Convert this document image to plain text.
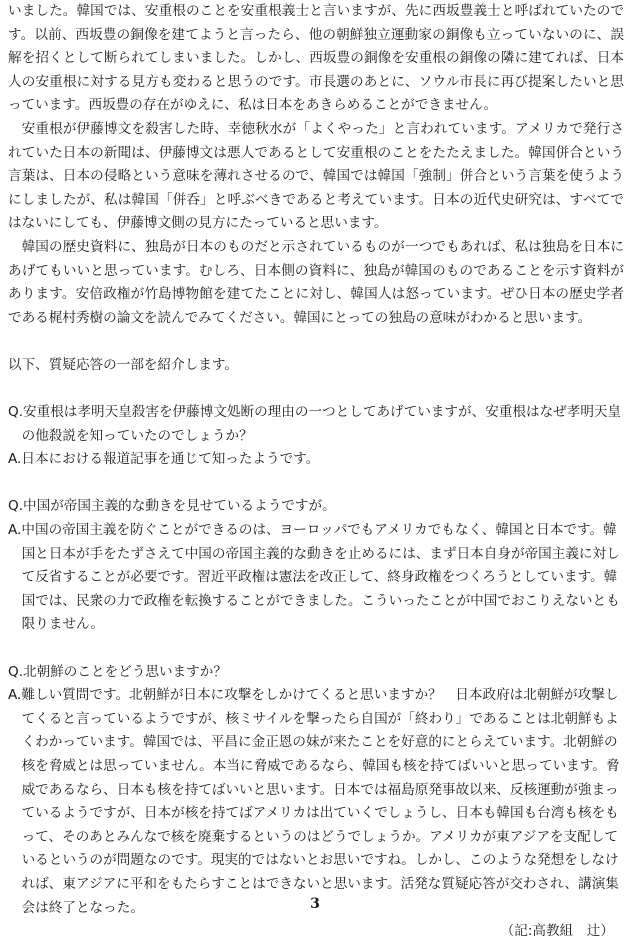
いました。韓国では、安重根のことを安重根義士と言いますが、先に西坂豊義士と呼ばれていたのです。以前、西坂豊の銅像を建てようと言ったら、他の朝鮮独立運動家の銅像も立っていないのに、誤解を招くとして断られてしまいました。しかし、西坂豊の銅像を安重根の銅像の隣に建てれば、日本人の安重根に対する見方も変わると思うのです。市長選のあとに、ソウル市長に再び提案したいと思っています。西坂豊の存在がゆえに、私は日本をあきらめることができません。

安重根が伊藤博文を殺害した時、幸徳秋水が「よくやった」と言われています。アメリカで発行されていた日本の新聞は、伊藤博文は悪人であるとして安重根のことをたたえました。韓国併合という言葉は、日本の侵略という意味を薄れさせるので、韓国では韓国「強制」併合という言葉を使うようにしましたが、私は韓国「併呑」と呼ぶべきであると考えています。日本の近代史研究は、すべてではないにしても、伊藤博文側の見方にたっていると思います。

韓国の歴史資料に、独島が日本のものだと示されているものが一つでもあれば、私は独島を日本にあげてもいいと思っています。むしろ、日本側の資料に、独島が韓国のものであることを示す資料があります。安倍政権が竹島博物館を建てたことに対し、韓国人は怒っています。ぜひ日本の歴史学者である梶村秀樹の論文を読んでみてください。韓国にとっての独島の意味がわかると思います。

以下、質疑応答の一部を紹介します。

Q.安重根は孝明天皇殺害を伊藤博文処断の理由の一つとしてあげていますが、安重根はなぜ孝明天皇の他殺説を知っていたのでしょうか？

A.日本における報道記事を通じて知ったようです。

Q.中国が帝国主義的な動きを見せているようですが。

A.中国の帝国主義を防ぐことができるのは、ヨーロッパでもアメリカでもなく、韓国と日本です。韓国と日本が手をたずさえて中国の帝国主義的な動きを止めるには、まず日本自身が帝国主義に対して反省することが必要です。習近平政権は憲法を改正して、終身政権をつくろうとしています。韓国では、民衆の力で政権を転換することができました。こういったことが中国でおこりえないとも限りません。

Q.北朝鮮のことをどう思いますか？

A.難しい質問です。北朝鮮が日本に攻撃をしかけてくると思いますか？　日本政府は北朝鮮が攻撃してくると言っているようですが、核ミサイルを撃ったら自国が「終わり」であることは北朝鮮もよくわかっています。韓国では、平昌に金正恩の妹が来たことを好意的にとらえています。北朝鮮の核を脅威とは思っていません。本当に脅威であるなら、韓国も核を持てばいいと思っています。脅威であるなら、日本も核を持てばいいと思います。日本では福島原発事故以来、反核運動が強まっているようですが、日本が核を持てばアメリカは出ていくでしょうし、日本も韓国も台湾も核をもって、そのあとみんなで核を廃棄するというのはどうでしょうか。アメリカが東アジアを支配しているというのが問題なのです。現実的ではないとお思いですね。しかし、このような発想をしなければ、東アジアに平和をもたらすことはできないと思います。活発な質疑応答が交わされ、講演集会は終了となった。

（記:高教組　辻）

3
